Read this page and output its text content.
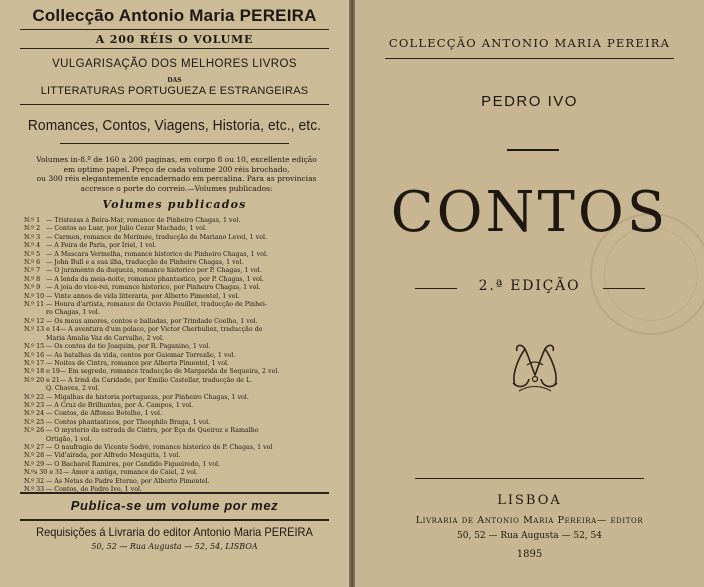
Collecção Antonio Maria PEREIRA
A 200 RÉIS O VOLUME
VULGARISAÇÃO DOS MELHORES LIVROS
DAS
LITTERATURAS PORTUGUEZA E ESTRANGEIRAS
Romances, Contos, Viagens, Historia, etc., etc.
Volumes in-8.º de 160 a 200 paginas, em corpo 8 ou 10, excellente edição
em optimo papel. Preço de cada volume 200 réis brochado,
ou 300 réis elegantemente encadernado em percalina. Para as provincias
accresce o porte do correio.—Volumes publicados:
Volumes publicados
N.º 1 — Tristezas á Beira-Mar, romance de Pinheiro Chagas, 1 vol.
N.º 2 — Contos ao Luar, por Julio Cezar Machado, 1 vol.
N.º 3 — Carmen, romance de Merimée, traducção de Mariano Level, 1 vol.
N.º 4 — A Feira de Paris, por Iriel, 1 vol.
N.º 5 — A Mascara Vermelha, romance historico de Pinheiro Chagas, 1 vol.
N.º 6 — John Bull e a sua ilha, traducção de Pinheiro Chagas, 1 vol.
N.º 7 — O juramento da duqueza, romance historico por P. Chagas, 1 vol.
N.º 8 — A lenda da meia-noite, romance phantastico, por P. Chagas, 1 vol.
N.º 9 — A joia do vice-rei, romance historico, por Pinheiro Chagas, 1 vol.
N.º 10 — Vinte annos de vida litteraria, por Alberto Pimentel, 1 vol.
N.º 11 — Honra d'artista, romance de Octavio Feuillet, traducção de Pinhei-
ro Chagas, 1 vol.
N.º 12 — Os meus amores, contos e balladas, por Trindade Coelho, 1 vol.
N.º 13 e 14— A aventura d'um polaco, por Victor Cherbuliez, traducção de
Maria Amalia Vaz de Carvalho, 2 vol.
N.º 15 — Os contos do tio Joaquim, por R. Paganino, 1 vol.
N.º 16 — As batalhas da vida, contos por Guiomar Torrezão, 1 vol.
N.º 17 — Noites de Cintra, romance por Alberto Pimentel, 1 vol.
N.º 18 e 19— Em segredo, romance traducção de Margarida de Sequeira, 2 vol.
N.º 20 e 21— A Irmã da Caridade, por Emilio Castellar, traducção de L.
Q. Chaves, 2 vol.
N.º 22 — Migalhas de historia portugueza, por Pinheiro Chagas, 1 vol.
N.º 23 — A Cruz de Brilhantes, por A. Campos, 1 vol.
N.º 24 — Contos, de Affonso Botelho, 1 vol.
N.º 25 — Contos phantasticos, por Theophilo Braga, 1 vol.
N.º 26 — O mysterio da estrada de Cintra, por Eça de Queiroz e Ramalho
Ortigão, 1 vol.
N.º 27 — O naufragio de Vicente Sodré, romance historico de P. Chagas, 1 vol
N.º 28 — Vid'airada, por Alfredo Mesquita, 1 vol.
N.º 29 — O Bacharel Ramires, por Candido Figueiredo, 1 vol.
N.ºs 30 e 31— Amor á antiga, romance de Caiel, 2 vol.
N.º 32 — As Netas do Padre Eterno, por Alberto Pimentel.
N.º 33 — Contos, de Pedro Ivo, 1 vol.
Publica-se um volume por mez
Requisições á Livraria do editor Antonio Maria PEREIRA
50, 52 — Rua Augusta — 52, 54, LISBOA
COLLECÇÃO ANTONIO MARIA PEREIRA
PEDRO IVO
CONTOS
2.ª EDIÇÃO
LISBOA
Livraria de Antonio Maria Pereira— editor
50, 52 — Rua Augusta — 52, 54
1895
